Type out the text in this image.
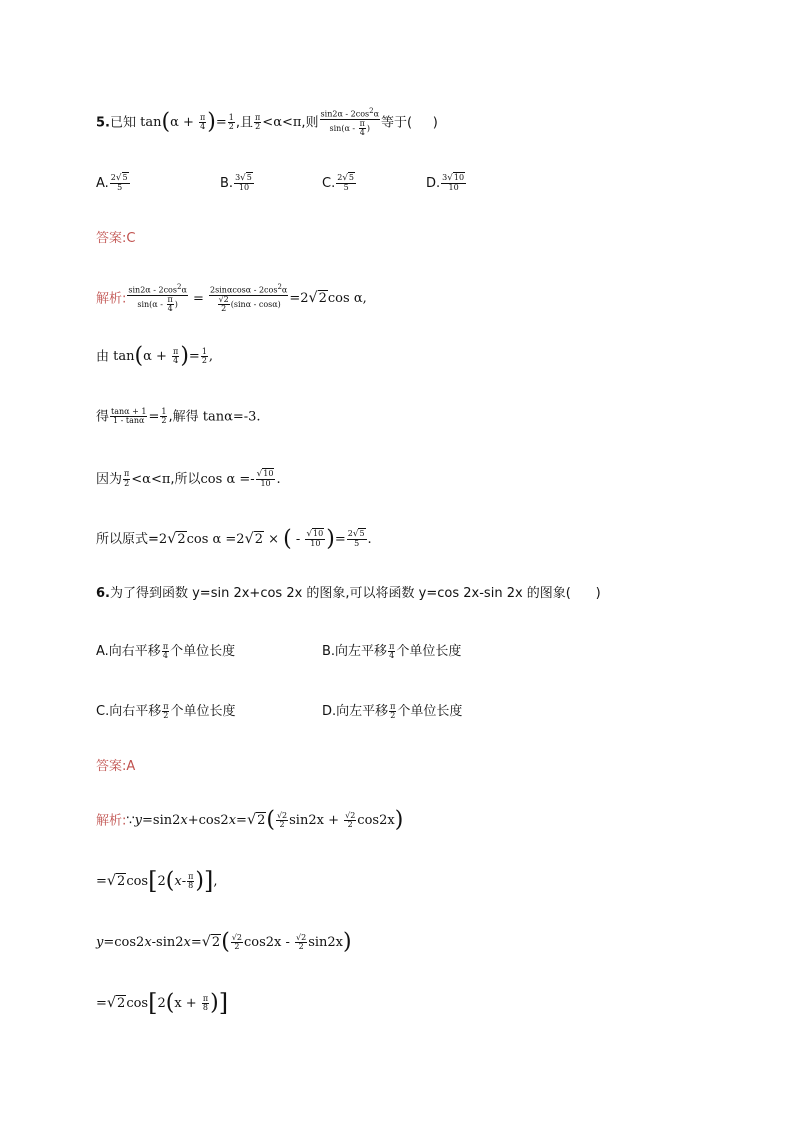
5.已知 $\tan(\alpha + \frac{\pi}{4}$ )= $\frac{1}{2}$ ,且 $\frac{\pi}{2} <\alpha<\pi$,则 $\frac{\sin 2\alpha - 2\cos^2\alpha}{\sin(\alpha - \frac{\pi}{4} )}$ 等于( )
A. $\frac{2√5}{5}$	B. $\frac{3√5}{10}$	C. $\frac{2√5}{5}$	D. $\frac{3√10}{10}$
答案:C
解析: $\frac{\sin 2\alpha - 2\cos^2\alpha}{\sin(\alpha - \frac{\pi}{4} )} = \frac{2\sin\alpha\cos\alpha - 2\cos^2\alpha}{\frac{√2}{2} (\sin\alpha - \cos\alpha)} =2√2\cos$ α,
由 $\tan(\alpha + \frac{\pi}{4}$ )= $\frac{1}{2}$ ,
得 $\frac{\tan\alpha + 1}{1 - \tan\alpha} = \frac{1}{2}$ ,解得 tanα=-3.
因为 $\frac{\pi}{2} <\alpha<\pi$,所以$\cos \alpha =- \frac{√10}{10}$ .
所以原式=2√2cos α =2√2 × ( - $\frac{√10}{10}$ )= $\frac{2√5}{5}$ .
6.为了得到函数 y=sin 2x+cos 2x 的图象,可以将函数 y=cos 2x-sin 2x 的图象( )
A.向右平移 $\frac{\pi}{4}$ 个单位长度	B.向左平移 $\frac{\pi}{4}$ 个单位长度
C.向右平移 $\frac{\pi}{2}$ 个单位长度	D.向左平移 $\frac{\pi}{2}$ 个单位长度
答案:A
解析:∵y=sin2x+cos2x=√2( $\frac{√2}{2} \sin 2x + \frac{√2}{2} \cos 2x$)
$=√2\cos[2(x- \frac{\pi}{8}$ )],
$y=\cos 2x-\sin 2x=√2( \frac{√2}{2} \cos 2x - \frac{√2}{2} \sin 2x)$
$=√2\cos[2(x + \frac{\pi}{8}$ )]
